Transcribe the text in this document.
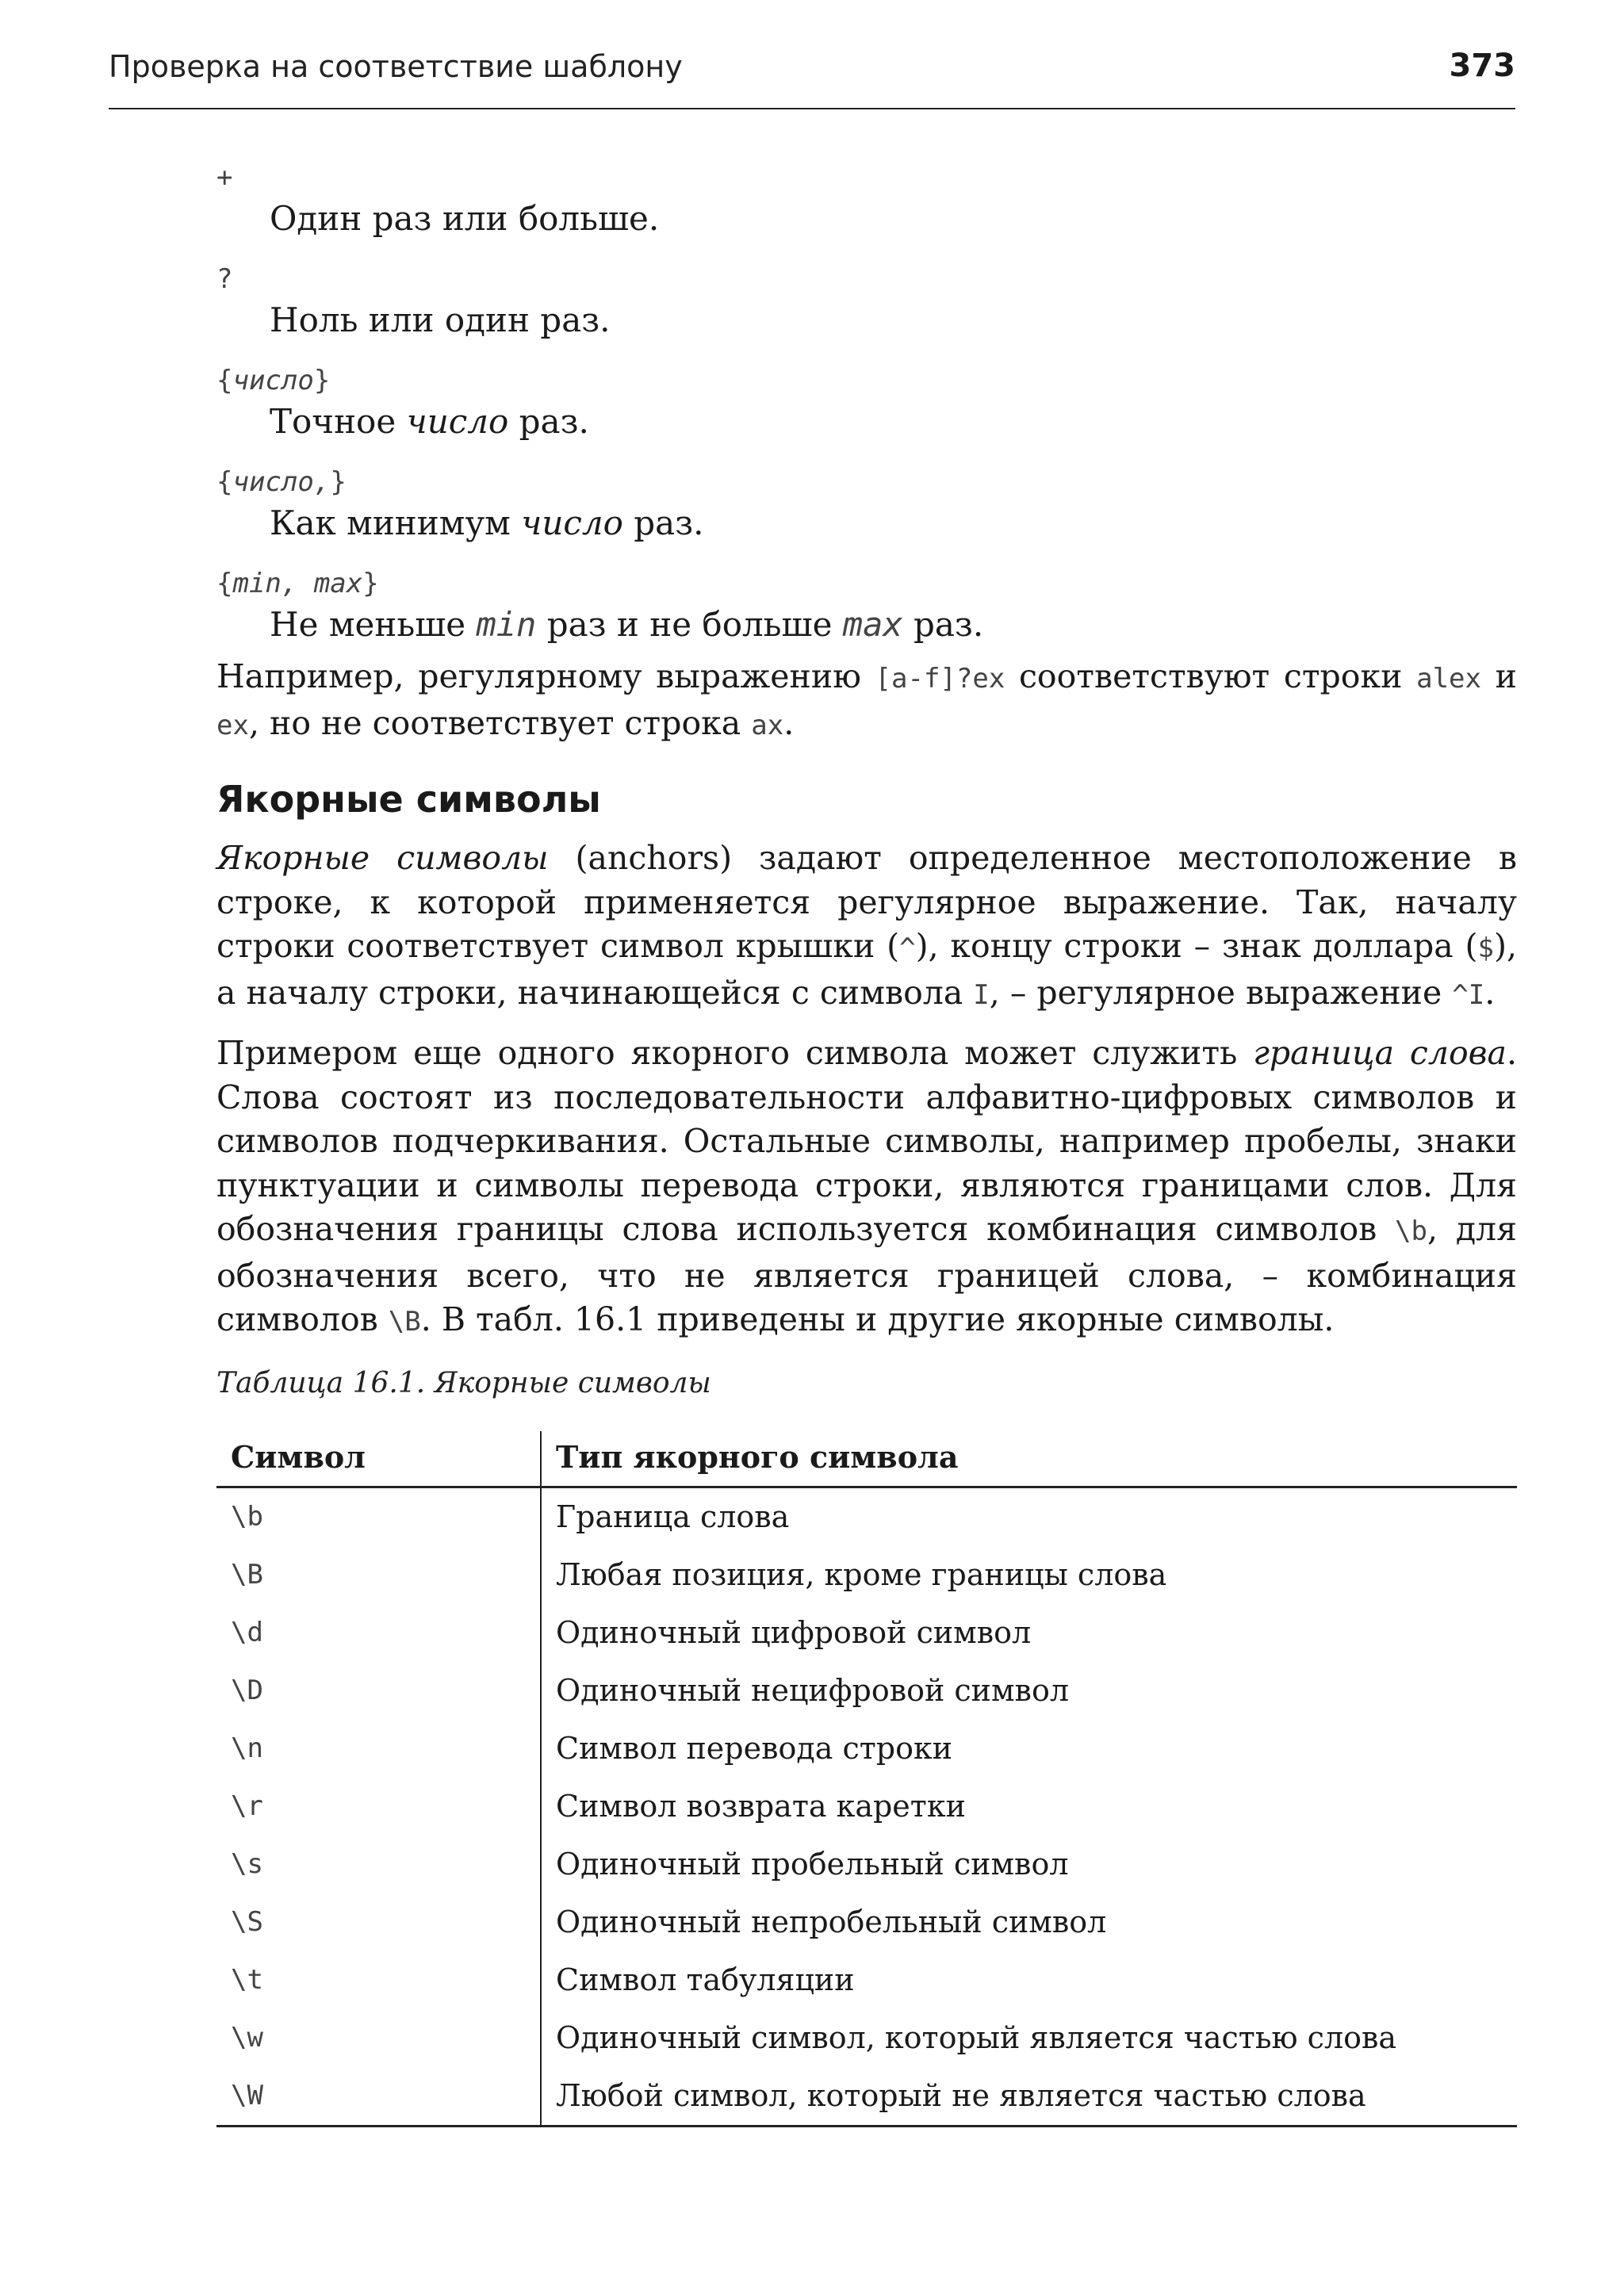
Проверка на соответствие шаблону	373
+
Один раз или больше.
?
Ноль или один раз.
{число}
Точное число раз.
{число,}
Как минимум число раз.
{min, max}
Не меньше min раз и не больше max раз.

Например, регулярному выражению [a-f]?ex соответствуют строки alex и ex, но не соответствует строка ax.

Якорные символы

Якорные символы (anchors) задают определенное местоположение в строке, к которой применяется регулярное выражение. Так, началу строки соответствует символ крышки (^), концу строки – знак доллара ($), а началу строки, начинающейся с символа I, – регулярное выражение ^I.

Примером еще одного якорного символа может служить граница слова. Слова состоят из последовательности алфавитно-цифровых символов и символов подчеркивания. Остальные символы, например пробелы, знаки пунктуации и символы перевода строки, являются границами слов. Для обозначения границы слова используется комбинация символов \b, для обозначения всего, что не является границей слова, – комбинация символов \B. В табл. 16.1 приведены и другие якорные символы.

Таблица 16.1. Якорные символы
Символ	Тип якорного символа
\b	Граница слова
\B	Любая позиция, кроме границы слова
\d	Одиночный цифровой символ
\D	Одиночный нецифровой символ
\n	Символ перевода строки
\r	Символ возврата каретки
\s	Одиночный пробельный символ
\S	Одиночный непробельный символ
\t	Символ табуляции
\w	Одиночный символ, который является частью слова
\W	Любой символ, который не является частью слова
